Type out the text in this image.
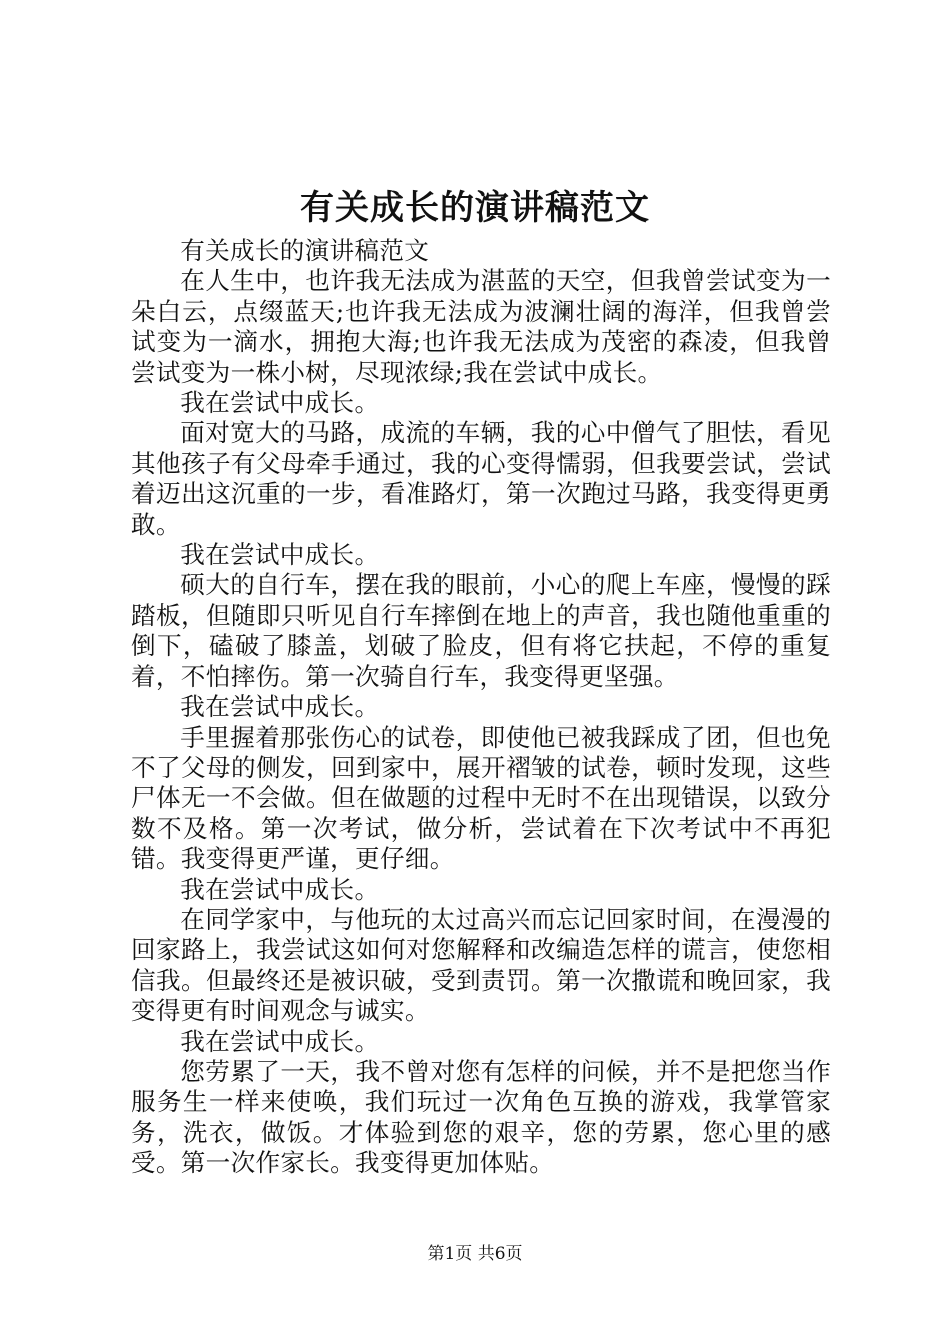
有关成长的演讲稿范文

有关成长的演讲稿范文

在人生中，也许我无法成为湛蓝的天空，但我曾尝试变为一朵白云，点缀蓝天;也许我无法成为波澜壮阔的海洋，但我曾尝试变为一滴水，拥抱大海;也许我无法成为茂密的森凌，但我曾尝试变为一株小树，尽现浓绿;我在尝试中成长。

我在尝试中成长。

面对宽大的马路，成流的车辆，我的心中僧气了胆怯，看见其他孩子有父母牵手通过，我的心变得懦弱，但我要尝试，尝试着迈出这沉重的一步，看准路灯，第一次跑过马路，我变得更勇敢。

我在尝试中成长。

硕大的自行车，摆在我的眼前，小心的爬上车座，慢慢的踩踏板，但随即只听见自行车摔倒在地上的声音，我也随他重重的倒下，磕破了膝盖，划破了脸皮，但有将它扶起，不停的重复着，不怕摔伤。第一次骑自行车，我变得更坚强。

我在尝试中成长。

手里握着那张伤心的试卷，即使他已被我踩成了团，但也免不了父母的侧发，回到家中，展开褶皱的试卷，顿时发现，这些尸体无一不会做。但在做题的过程中无时不在出现错误，以致分数不及格。第一次考试，做分析，尝试着在下次考试中不再犯错。我变得更严谨，更仔细。

我在尝试中成长。

在同学家中，与他玩的太过高兴而忘记回家时间，在漫漫的回家路上，我尝试这如何对您解释和改编造怎样的谎言，使您相信我。但最终还是被识破，受到责罚。第一次撒谎和晚回家，我变得更有时间观念与诚实。

我在尝试中成长。

您劳累了一天，我不曾对您有怎样的问候，并不是把您当作服务生一样来使唤，我们玩过一次角色互换的游戏，我掌管家务，洗衣，做饭。才体验到您的艰辛，您的劳累，您心里的感受。第一次作家长。我变得更加体贴。

第1页 共6页
